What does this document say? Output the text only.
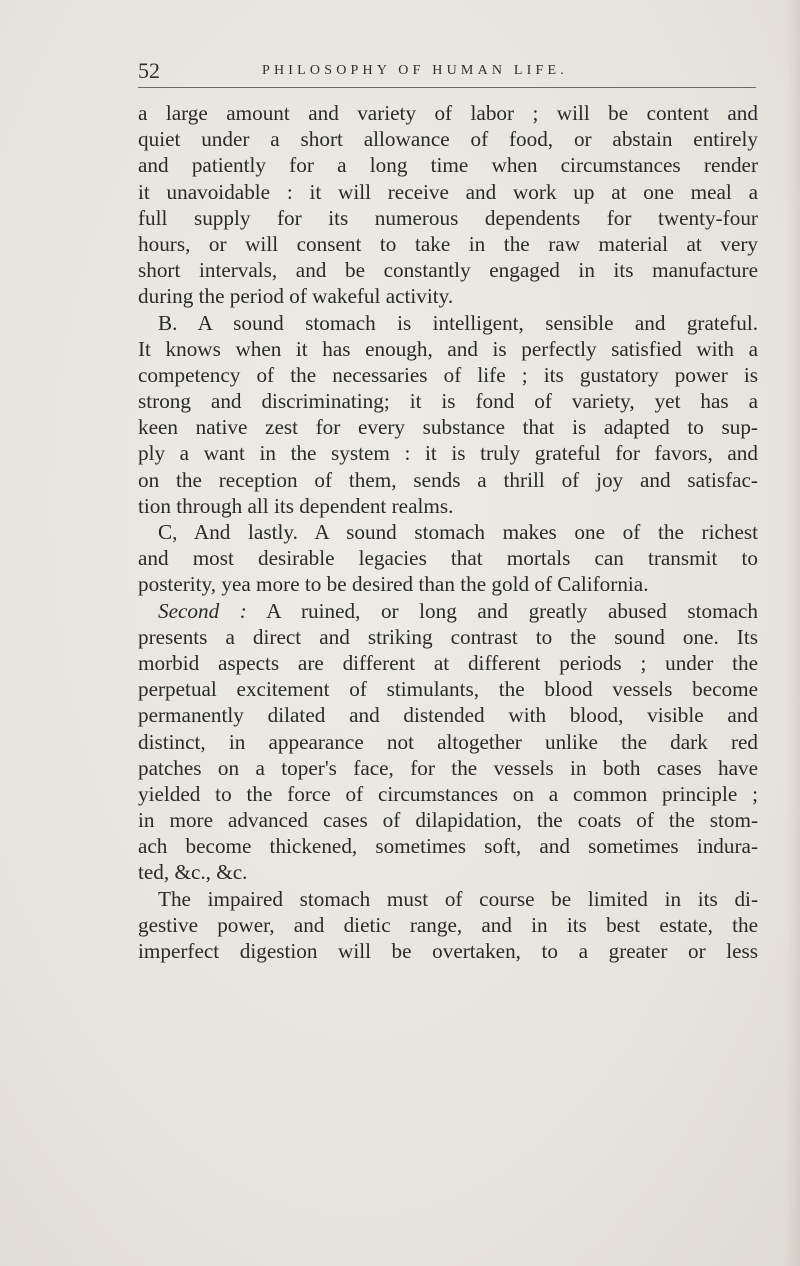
52	PHILOSOPHY OF HUMAN LIFE.
a large amount and variety of labor ; will be content and
quiet under a short allowance of food, or abstain entirely
and patiently for a long time when circumstances render
it unavoidable : it will receive and work up at one meal a
full supply for its numerous dependents for twenty-four
hours, or will consent to take in the raw material at very
short intervals, and be constantly engaged in its manufacture
during the period of wakeful activity.
B. A sound stomach is intelligent, sensible and grateful.
It knows when it has enough, and is perfectly satisfied with a
competency of the necessaries of life ; its gustatory power is
strong and discriminating; it is fond of variety, yet has a
keen native zest for every substance that is adapted to sup-
ply a want in the system : it is truly grateful for favors, and
on the reception of them, sends a thrill of joy and satisfac-
tion through all its dependent realms.
C, And lastly. A sound stomach makes one of the richest
and most desirable legacies that mortals can transmit to
posterity, yea more to be desired than the gold of California.
Second : A ruined, or long and greatly abused stomach
presents a direct and striking contrast to the sound one. Its
morbid aspects are different at different periods ; under the
perpetual excitement of stimulants, the blood vessels become
permanently dilated and distended with blood, visible and
distinct, in appearance not altogether unlike the dark red
patches on a toper's face, for the vessels in both cases have
yielded to the force of circumstances on a common principle ;
in more advanced cases of dilapidation, the coats of the stom-
ach become thickened, sometimes soft, and sometimes indura-
ted, &c., &c.
The impaired stomach must of course be limited in its di-
gestive power, and dietic range, and in its best estate, the
imperfect digestion will be overtaken, to a greater or less
